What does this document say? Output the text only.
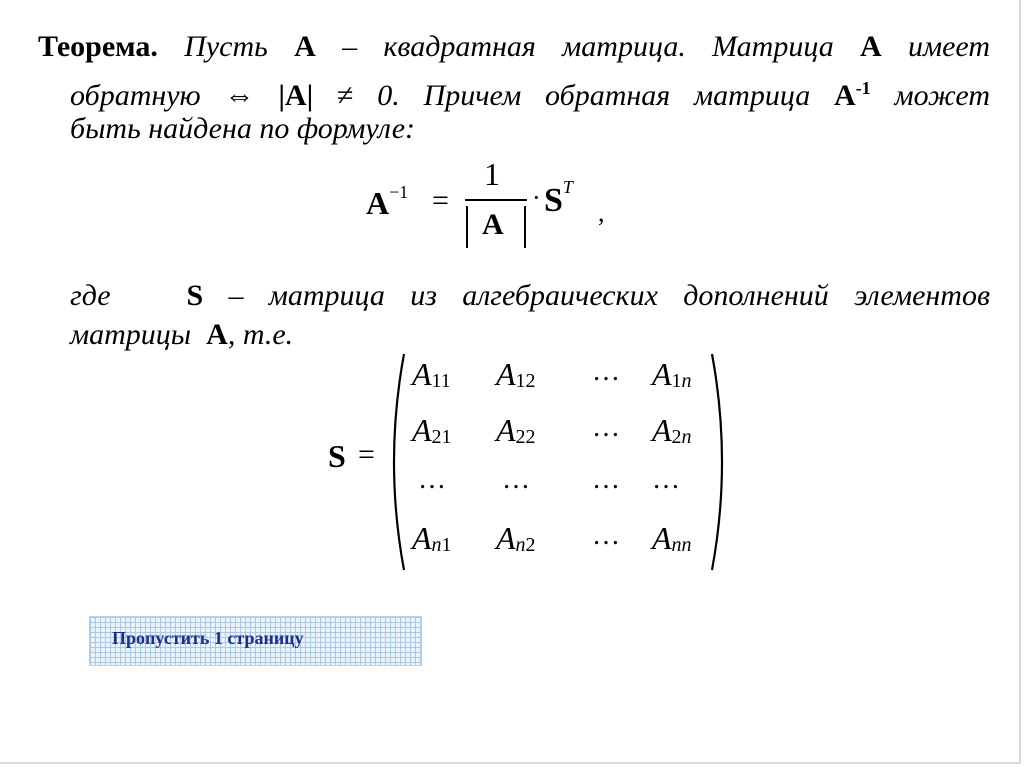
Теорема. Пусть А – квадратная матрица. Матрица А имеет
обратную ⇔ |А| ≠ 0. Причем обратная матрица $А^{-1}$ может
быть найдена по формуле:
$А^{-1}$ =
1
А
· $S^T$
,
где   S – матрица из алгебраических дополнений элементов
матрицы  А, т.е.
S =
$A_{11}$ $A_{12}$ … $A_{1n}$
$A_{21}$ $A_{22}$ … $A_{2n}$
… … … …
$A_{n1}$ $A_{n2}$ … $A_{nn}$
Пропустить 1 страницу
